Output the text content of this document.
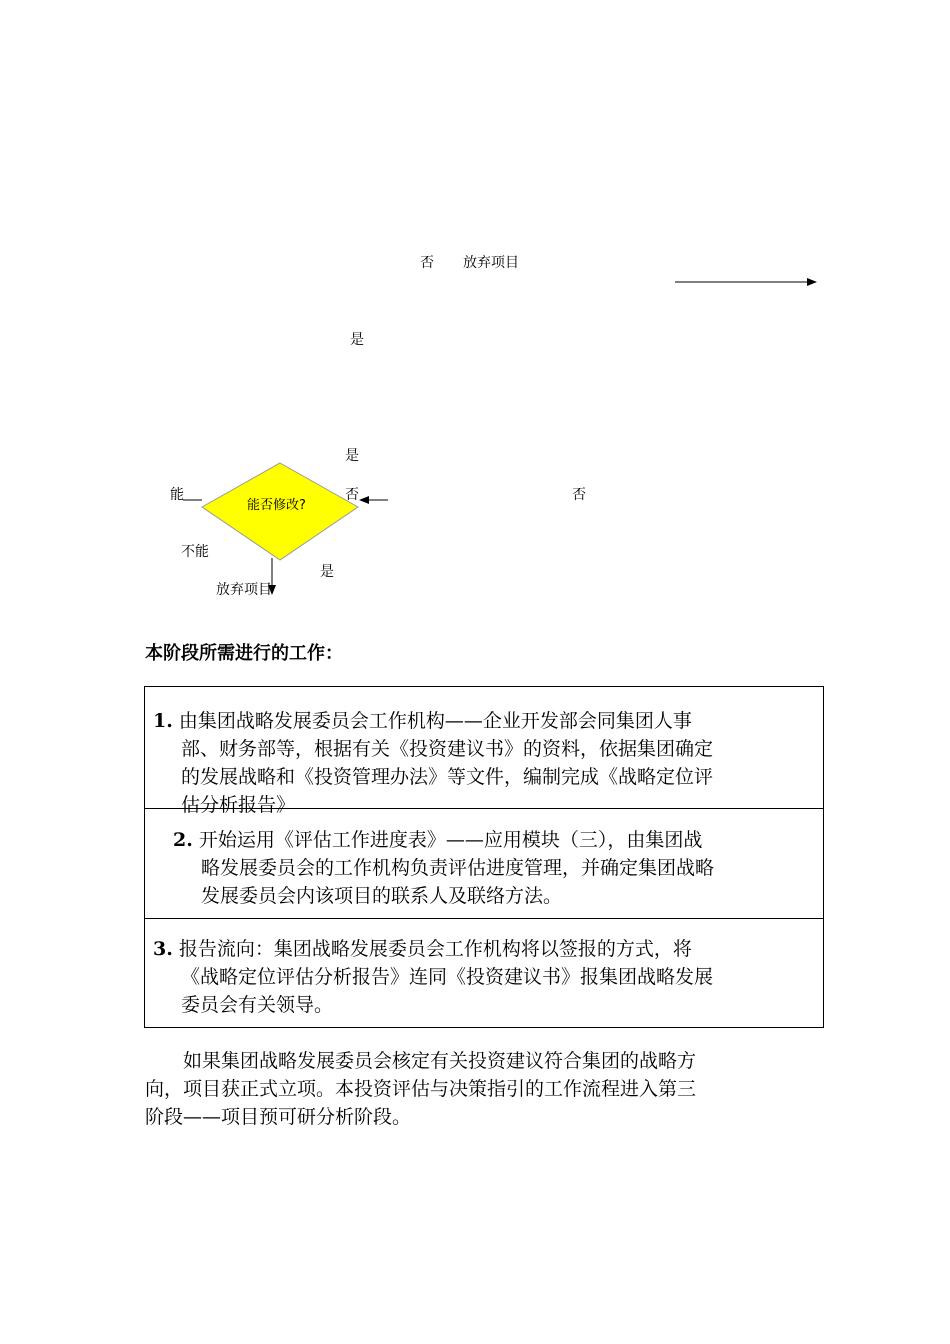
否 放弃项目
是
是
能	否	否
能否修改?
不能
是
放弃项目
本阶段所需进行的工作：
1. 由集团战略发展委员会工作机构——企业开发部会同集团人事
部、财务部等，根据有关《投资建议书》的资料，依据集团确定
的发展战略和《投资管理办法》等文件，编制完成《战略定位评
估分析报告》
2. 开始运用《评估工作进度表》——应用模块（三），由集团战
略发展委员会的工作机构负责评估进度管理，并确定集团战略
发展委员会内该项目的联系人及联络方法。
3. 报告流向：集团战略发展委员会工作机构将以签报的方式，将
《战略定位评估分析报告》连同《投资建议书》报集团战略发展
委员会有关领导。
如果集团战略发展委员会核定有关投资建议符合集团的战略方
向，项目获正式立项。本投资评估与决策指引的工作流程进入第三
阶段——项目预可研分析阶段。
